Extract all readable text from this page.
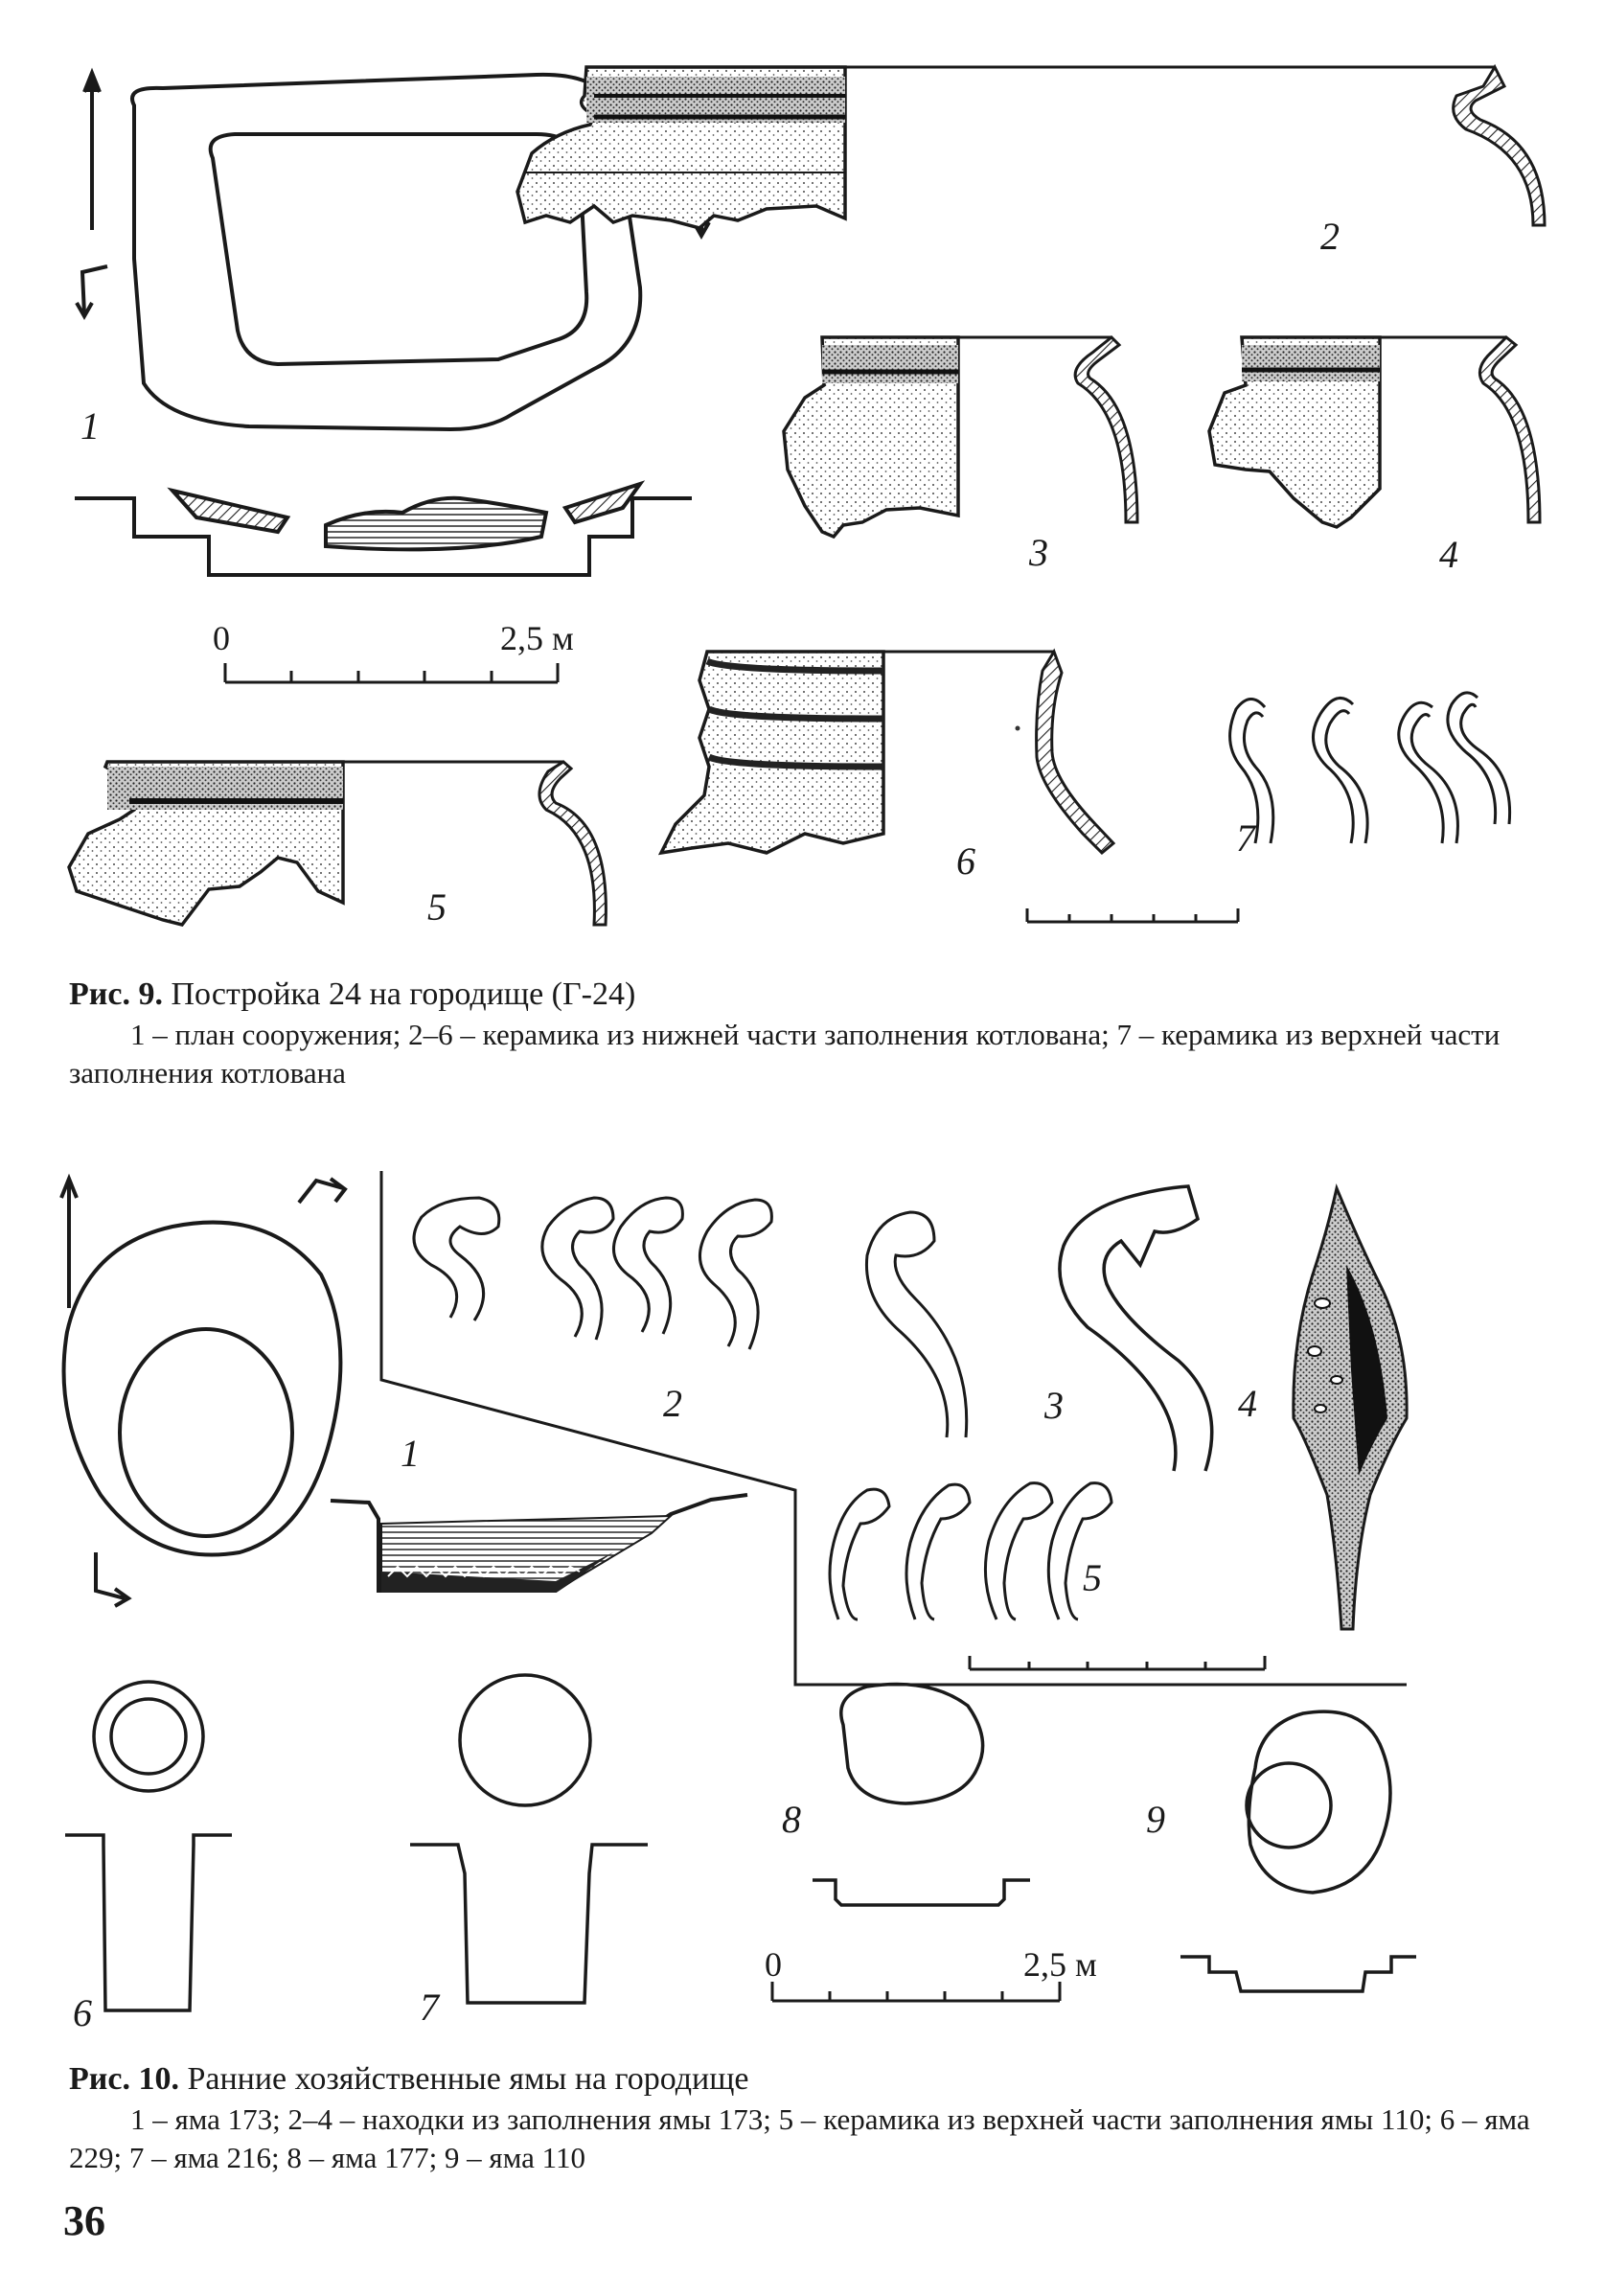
1
0	2,5 м
2
3	4
5
6
7
1
2	3	4
5
6	7
8	9
0	2,5 м
Рис. 9. Постройка 24 на городище (Г-24)
1 – план сооружения; 2–6 – керамика из нижней части заполнения котлована; 7 – керамика из верхней части заполнения котлована
Рис. 10. Ранние хозяйственные ямы на городище
1 – яма 173; 2–4 – находки из заполнения ямы 173; 5 – керамика из верхней части заполнения ямы 110; 6 – яма 229; 7 – яма 216; 8 – яма 177; 9 – яма 110
36
